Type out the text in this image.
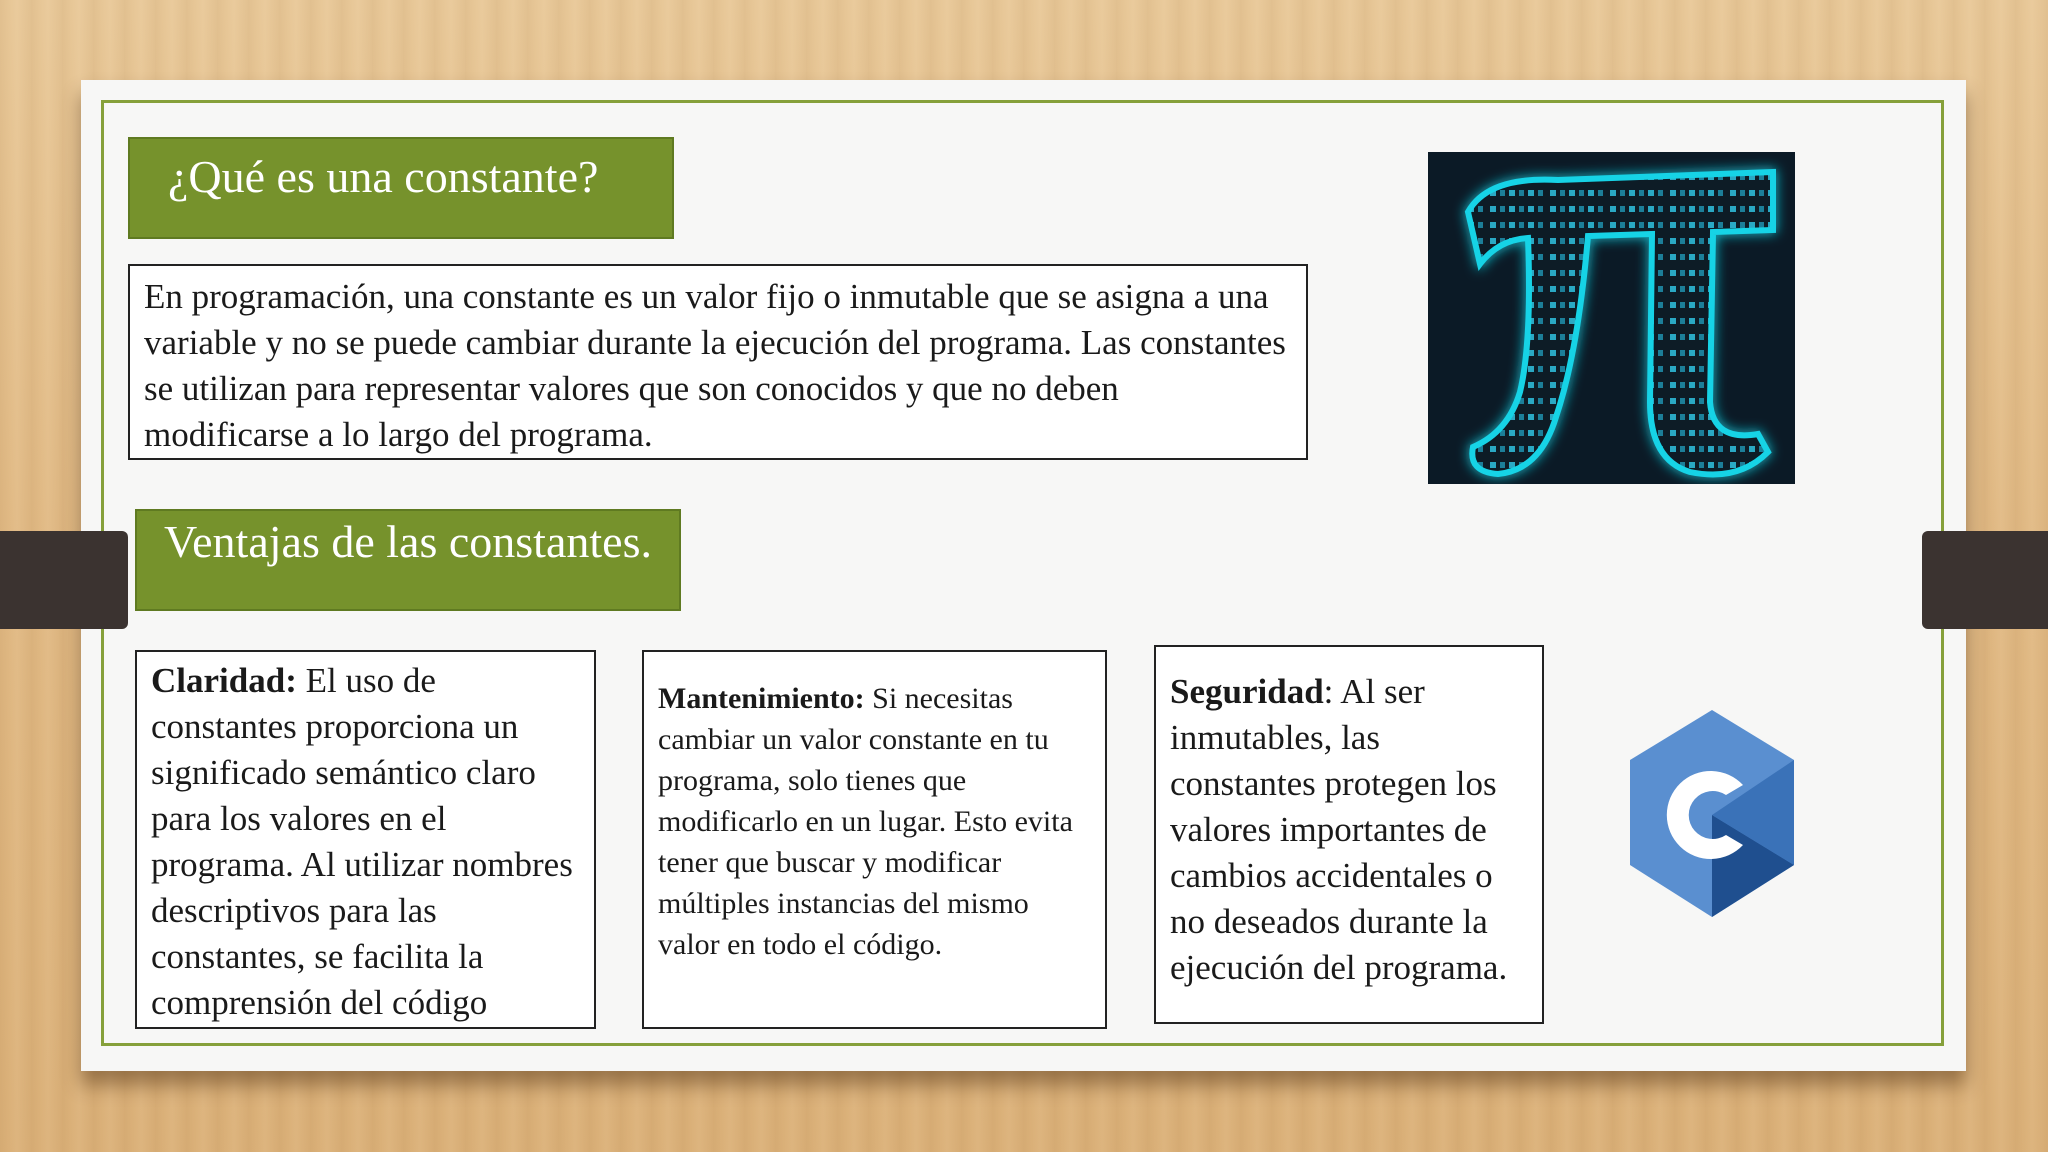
¿Qué es una constante?
En programación, una constante es un valor fijo o inmutable que se asigna a una variable y no se puede cambiar durante la ejecución del programa. Las constantes se utilizan para representar valores que son conocidos y que no deben modificarse a lo largo del programa.
Ventajas de las constantes.
Claridad: El uso de constantes proporciona un significado semántico claro para los valores en el programa. Al utilizar nombres descriptivos para las constantes, se facilita la comprensión del código
Mantenimiento: Si necesitas cambiar un valor constante en tu programa, solo tienes que modificarlo en un lugar. Esto evita tener que buscar y modificar múltiples instancias del mismo valor en todo el código.
Seguridad: Al ser inmutables, las constantes protegen los valores importantes de cambios accidentales o no deseados durante la ejecución del programa.
